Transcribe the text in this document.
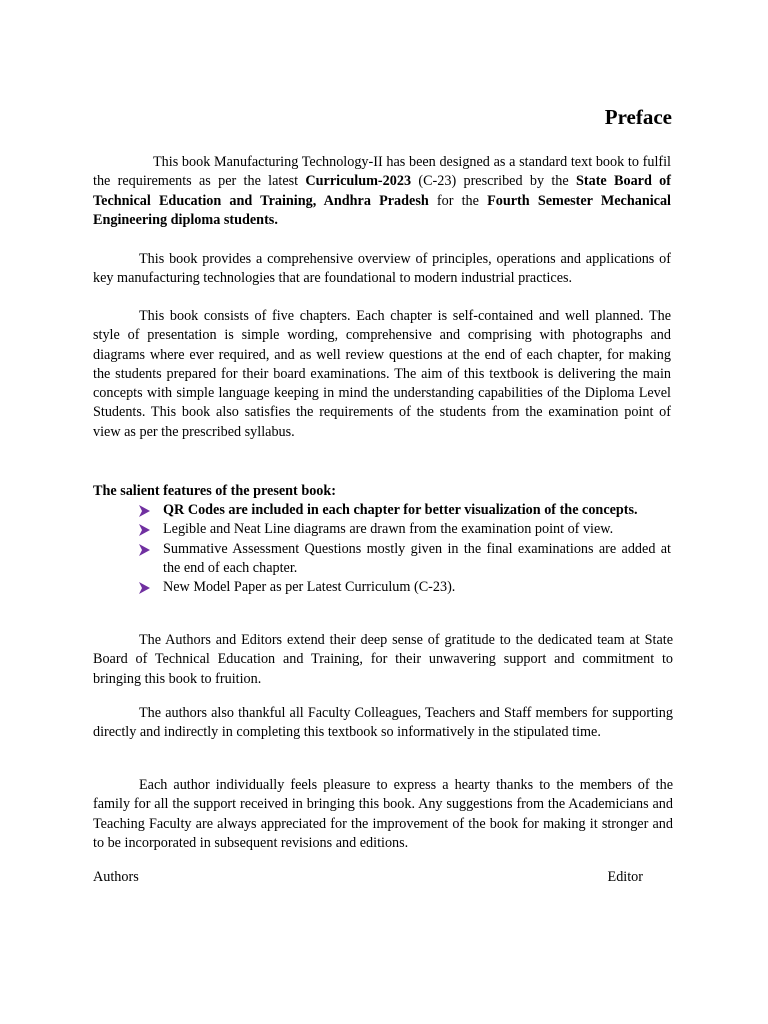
Preface

This book Manufacturing Technology-II has been designed as a standard text book to fulfil the requirements as per the latest Curriculum-2023 (C-23) prescribed by the State Board of Technical Education and Training, Andhra Pradesh for the Fourth Semester Mechanical Engineering diploma students.

This book provides a comprehensive overview of principles, operations and applications of key manufacturing technologies that are foundational to modern industrial practices.

This book consists of five chapters. Each chapter is self-contained and well planned. The style of presentation is simple wording, comprehensive and comprising with photographs and diagrams where ever required, and as well review questions at the end of each chapter, for making the students prepared for their board examinations. The aim of this textbook is delivering the main concepts with simple language keeping in mind the understanding capabilities of the Diploma Level Students. This book also satisfies the requirements of the students from the examination point of view as per the prescribed syllabus.

The salient features of the present book:
QR Codes are included in each chapter for better visualization of the concepts.
Legible and Neat Line diagrams are drawn from the examination point of view.
Summative Assessment Questions mostly given in the final examinations are added at the end of each chapter.
New Model Paper as per Latest Curriculum (C-23).

The Authors and Editors extend their deep sense of gratitude to the dedicated team at State Board of Technical Education and Training, for their unwavering support and commitment to bringing this book to fruition.

The authors also thankful all Faculty Colleagues, Teachers and Staff members for supporting directly and indirectly in completing this textbook so informatively in the stipulated time.

Each author individually feels pleasure to express a hearty thanks to the members of the family for all the support received in bringing this book. Any suggestions from the Academicians and Teaching Faculty are always appreciated for the improvement of the book for making it stronger and to be incorporated in subsequent revisions and editions.

Authors	Editor
